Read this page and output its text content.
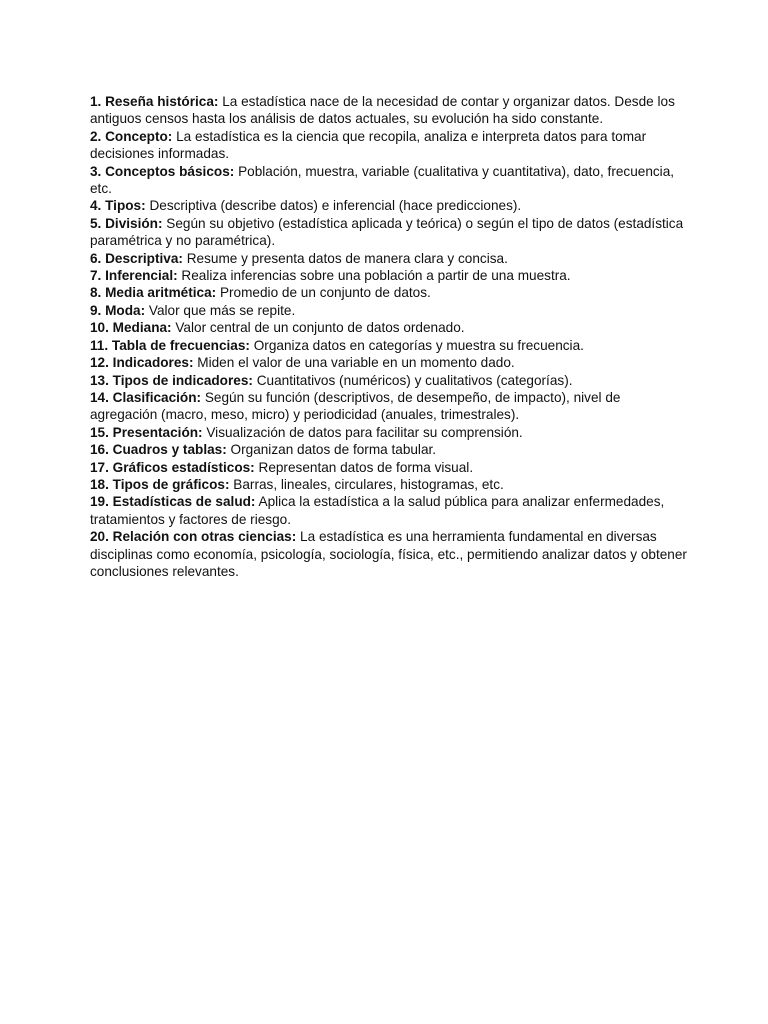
1. Reseña histórica: La estadística nace de la necesidad de contar y organizar datos. Desde los antiguos censos hasta los análisis de datos actuales, su evolución ha sido constante.

2. Concepto: La estadística es la ciencia que recopila, analiza e interpreta datos para tomar decisiones informadas.

3. Conceptos básicos: Población, muestra, variable (cualitativa y cuantitativa), dato, frecuencia, etc.

4. Tipos: Descriptiva (describe datos) e inferencial (hace predicciones).

5. División: Según su objetivo (estadística aplicada y teórica) o según el tipo de datos (estadística paramétrica y no paramétrica).

6. Descriptiva: Resume y presenta datos de manera clara y concisa.

7. Inferencial: Realiza inferencias sobre una población a partir de una muestra.

8. Media aritmética: Promedio de un conjunto de datos.

9. Moda: Valor que más se repite.

10. Mediana: Valor central de un conjunto de datos ordenado.

11. Tabla de frecuencias: Organiza datos en categorías y muestra su frecuencia.

12. Indicadores: Miden el valor de una variable en un momento dado.

13. Tipos de indicadores: Cuantitativos (numéricos) y cualitativos (categorías).

14. Clasificación: Según su función (descriptivos, de desempeño, de impacto), nivel de agregación (macro, meso, micro) y periodicidad (anuales, trimestrales).

15. Presentación: Visualización de datos para facilitar su comprensión.

16. Cuadros y tablas: Organizan datos de forma tabular.

17. Gráficos estadísticos: Representan datos de forma visual.

18. Tipos de gráficos: Barras, lineales, circulares, histogramas, etc.

19. Estadísticas de salud: Aplica la estadística a la salud pública para analizar enfermedades, tratamientos y factores de riesgo.

20. Relación con otras ciencias: La estadística es una herramienta fundamental en diversas disciplinas como economía, psicología, sociología, física, etc., permitiendo analizar datos y obtener conclusiones relevantes.
